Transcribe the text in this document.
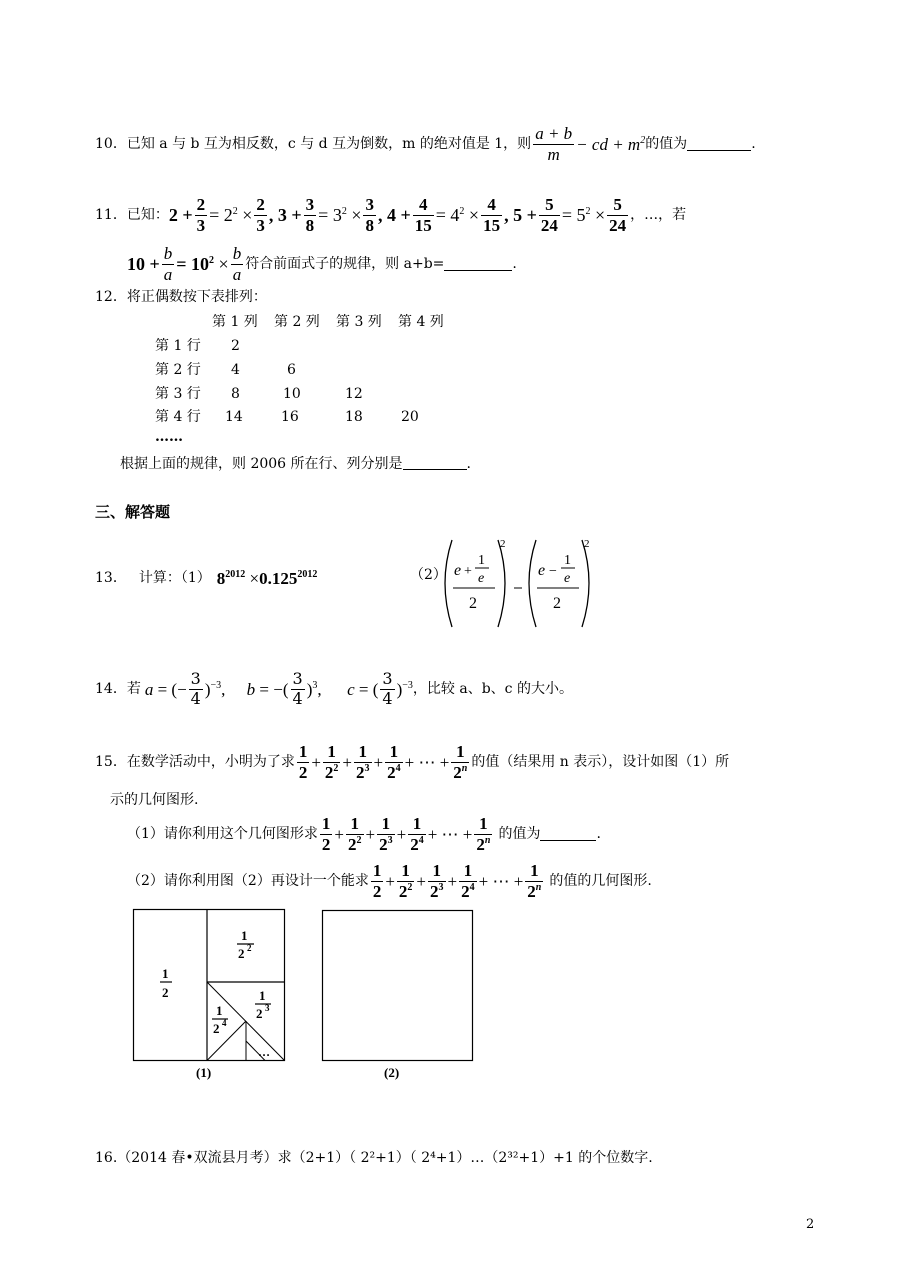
10． 已知 a 与 b 互为相反数，c 与 d 互为倒数，m 的绝对值是 1，则 $\frac{a + b}{m}$ − cd + $m^2$ 的值为	.
11． 已知： $2 + \frac{2}{3} = 2^2 \times \frac{2}{3}$ , $3 + \frac{3}{8} = 3^2 \times \frac{3}{8}$ , $4 + \frac{4}{15} = 4^2 \times \frac{4}{15}$ , $5 + \frac{5}{24} = 5^2 \times \frac{5}{24}$ ，…，若
$10 + \frac{b}{a} = 10^2 \times \frac{b}{a}$ 符合前面式子的规律，则 a+b=	.
12．将正偶数按下表排列：
第 1 列 第 2 列 第 3 列 第 4 列
第 1 行 2
第 2 行 4	6
第 3 行 8	10	12
第 4 行 14	16	18	20
……
根据上面的规律，则 2006 所在行、列分别是	.
三、解答题
13． 计算：（1） $8^{2012} \times 0.125^{2012}$	（2）
2
e +
1
e
2
2
e −
1
e
2
14． 若 a = (− $\frac{3}{4} )^{-3}$, b = −( $\frac{3}{4} )^3$, c = ( $\frac{3}{4} )^{-3}$ ，比较 a、b、c 的大小。
15． 在数学活动中，小明为了求 $\frac{1}{2} + \frac{1}{2^2} + \frac{1}{2^3} + \frac{1}{2^4}$ + ⋯ + $\frac{1}{2^n}$ 的值（结果用 n 表示），设计如图（1）所
示的几何图形.
（1）请你利用这个几何图形求 $\frac{1}{2} + \frac{1}{2^2} + \frac{1}{2^3} + \frac{1}{2^4}$ + ⋯ + $\frac{1}{2^n}$ 的值为	.
（2）请你利用图（2）再设计一个能求 $\frac{1}{2} + \frac{1}{2^2} + \frac{1}{2^3} + \frac{1}{2^4}$ + ⋯ + $\frac{1}{2^n}$ 的值的几何图形.
1
2
1
2 2
1
2 3
1
2 4
…
(1)	(2)
16.（2014 春•双流县月考）求（2+1）（ 2²+1）（ 2⁴+1）…（2³²+1）+1 的个位数字.
2
